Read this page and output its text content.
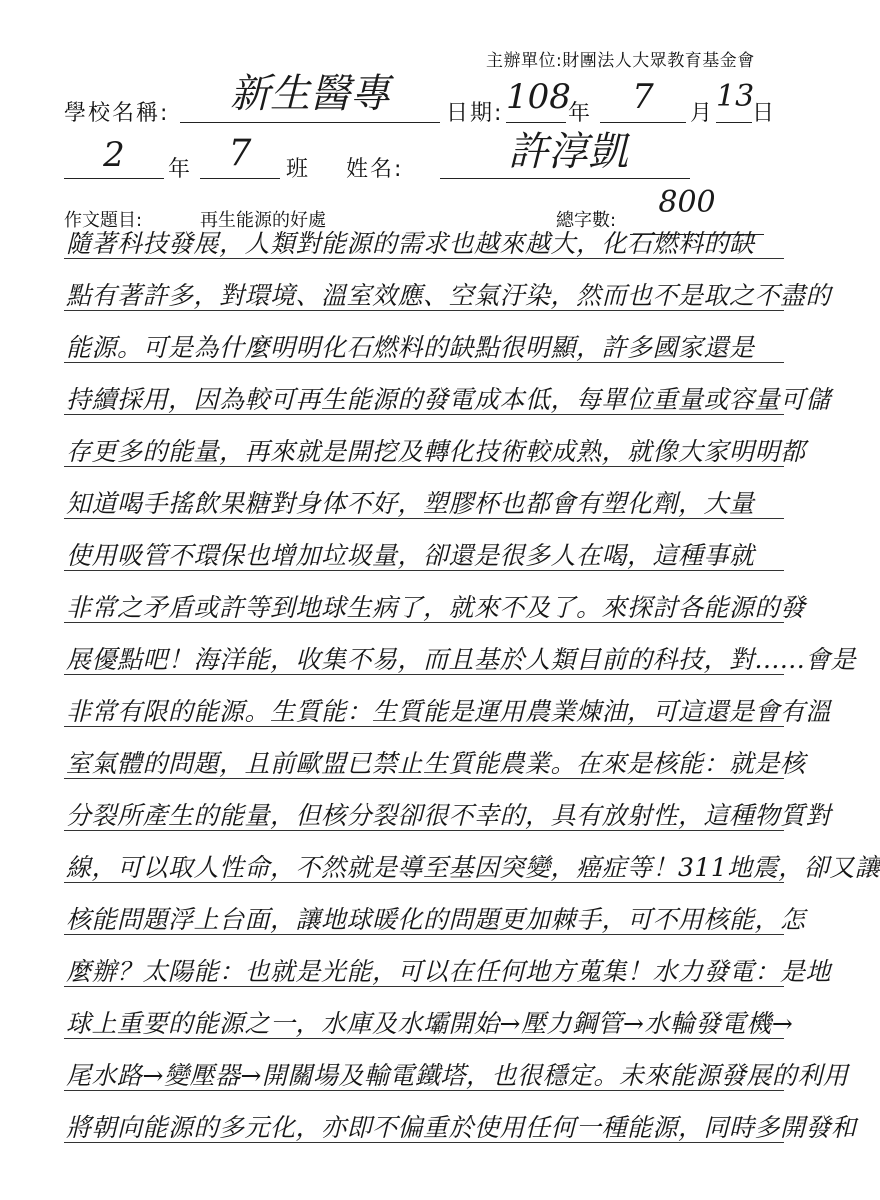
主辦單位:財團法人大眾教育基金會
學校名稱:	新生醫專	日期: 108
年	7	月 13
日
2	年	7	班 姓名:	許淳凱
作文題目:	再生能源的好處	總字數:
800
隨著科技發展，人類對能源的需求也越來越大，化石燃料的缺
點有著許多，對環境、溫室效應、空氣汙染，然而也不是取之不盡的
能源。可是為什麼明明化石燃料的缺點很明顯，許多國家還是
持續採用，因為較可再生能源的發電成本低，每單位重量或容量可儲
存更多的能量，再來就是開挖及轉化技術較成熟，就像大家明明都
知道喝手搖飲果糖對身体不好，塑膠杯也都會有塑化劑，大量
使用吸管不環保也增加垃圾量，卻還是很多人在喝，這種事就
非常之矛盾或許等到地球生病了，就來不及了。來探討各能源的發
展優點吧！海洋能，收集不易，而且基於人類目前的科技，對......會是
非常有限的能源。生質能：生質能是運用農業煉油，可這還是會有溫
室氣體的問題，且前歐盟已禁止生質能農業。在來是核能：就是核
分裂所產生的能量，但核分裂卻很不幸的，具有放射性，這種物質對
線，可以取人性命，不然就是導至基因突變，癌症等！311地震，卻又讓
核能問題浮上台面，讓地球暖化的問題更加棘手，可不用核能，怎
麼辦？太陽能：也就是光能，可以在任何地方蒐集！水力發電：是地
球上重要的能源之一，水庫及水壩開始→壓力鋼管→水輪發電機→
尾水路→變壓器→開關場及輸電鐵塔，也很穩定。未來能源發展的利用
將朝向能源的多元化，亦即不偏重於使用任何一種能源，同時多開發和
